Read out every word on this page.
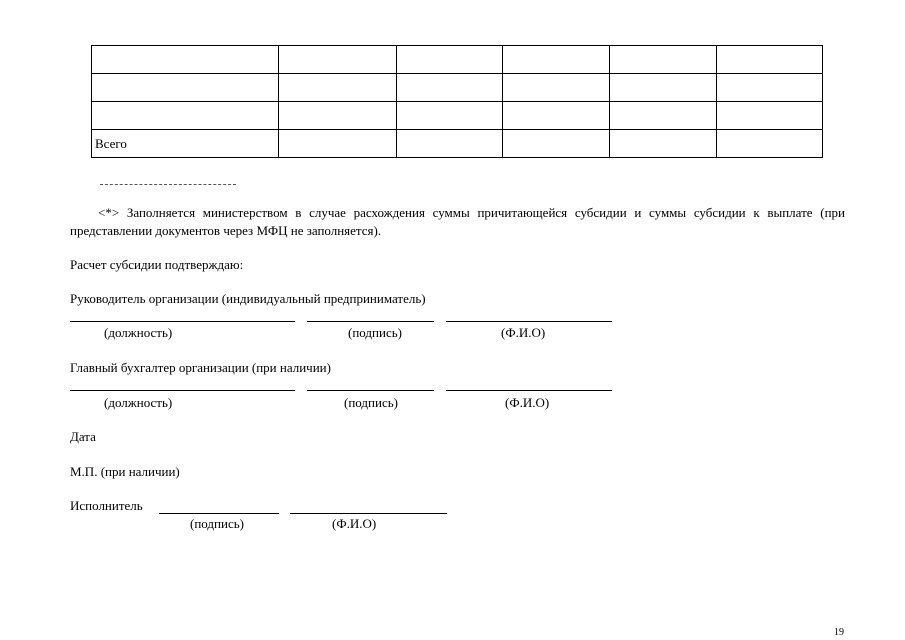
Всего					
<*> Заполняется министерством в случае расхождения суммы причитающейся субсидии и суммы субсидии к выплате (при представлении документов через МФЦ не заполняется).
Расчет субсидии подтверждаю:
Руководитель организации (индивидуальный предприниматель)
(должность)	(подпись)	(Ф.И.О)
Главный бухгалтер организации (при наличии)
(должность)	(подпись)	(Ф.И.О)
Дата
М.П. (при наличии)
Исполнитель
(подпись)	(Ф.И.О)
19
